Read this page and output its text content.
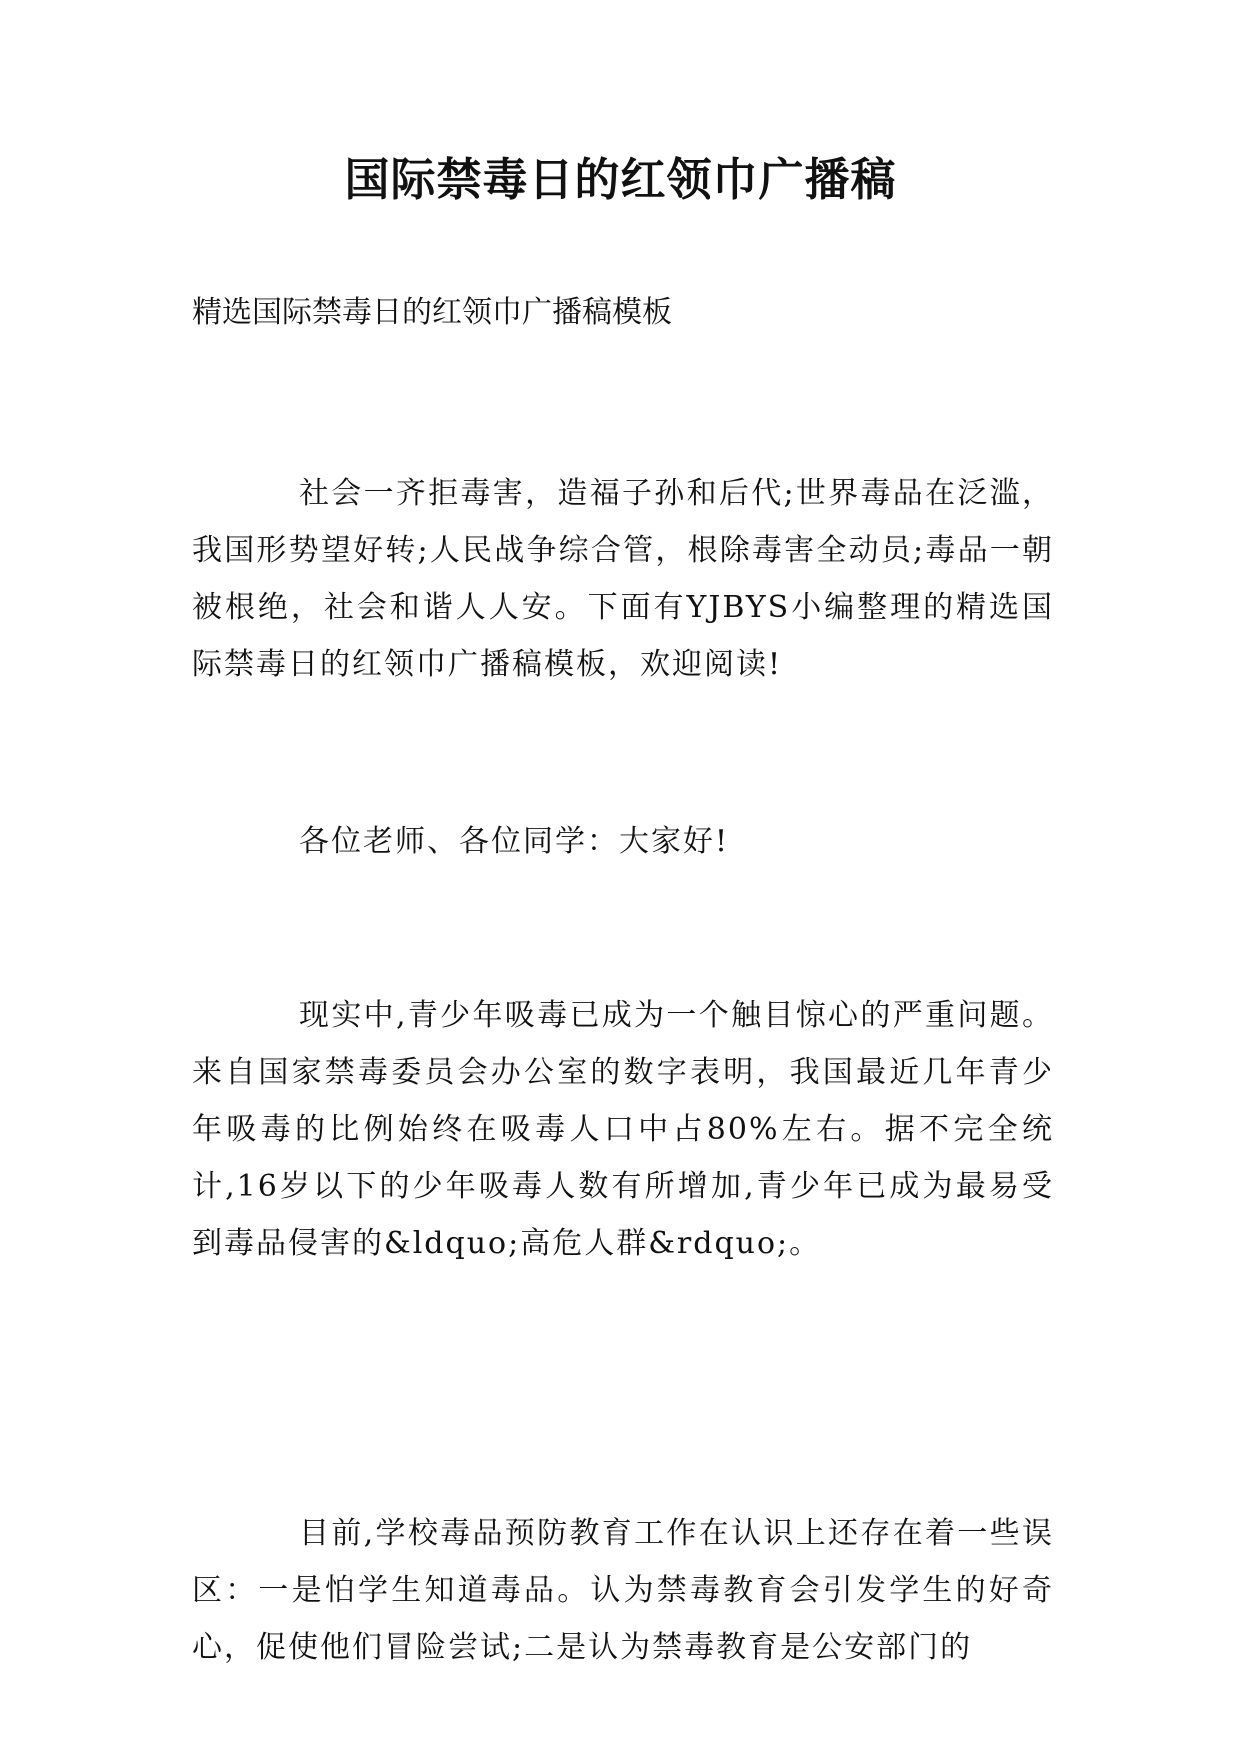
国际禁毒日的红领巾广播稿

精选国际禁毒日的红领巾广播稿模板

社会一齐拒毒害，造福子孙和后代;世界毒品在泛滥，我国形势望好转;人民战争综合管，根除毒害全动员;毒品一朝被根绝，社会和谐人人安。下面有YJBYS小编整理的精选国际禁毒日的红领巾广播稿模板，欢迎阅读!

各位老师、各位同学：大家好!

现实中,青少年吸毒已成为一个触目惊心的严重问题。来自国家禁毒委员会办公室的数字表明，我国最近几年青少年吸毒的比例始终在吸毒人口中占80%左右。据不完全统计,16岁以下的少年吸毒人数有所增加,青少年已成为最易受到毒品侵害的&ldquo;高危人群&rdquo;。

目前,学校毒品预防教育工作在认识上还存在着一些误区：一是怕学生知道毒品。认为禁毒教育会引发学生的好奇心，促使他们冒险尝试;二是认为禁毒教育是公安部门的
